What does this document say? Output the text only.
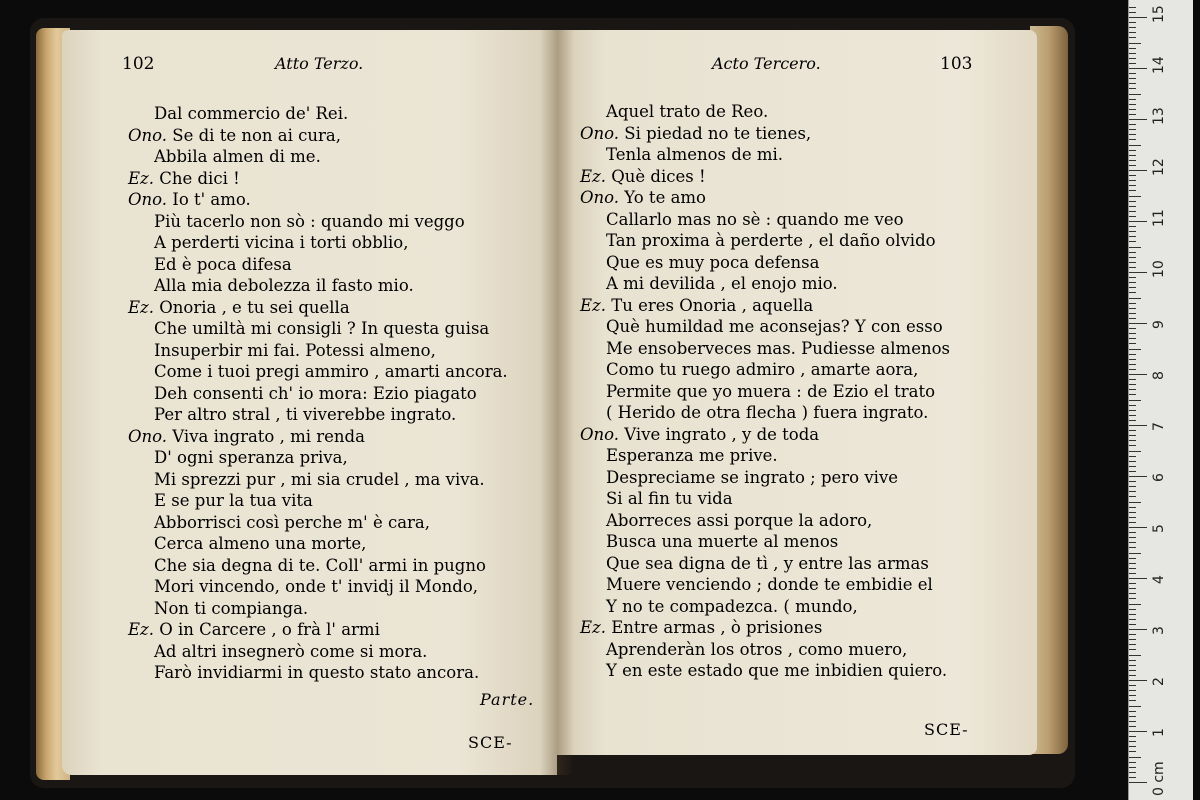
102	Atto Terzo.
Dal commercio de' Rei.
Ono. Se di te non ai cura,
Abbila almen di me.
Ez. Che dici !
Ono. Io t' amo.
Più tacerlo non sò : quando mi veggo
A perderti vicina i torti obblio,
Ed è poca difesa
Alla mia debolezza il fasto mio.
Ez. Onoria , e tu sei quella
Che umiltà mi consigli ? In questa guisa
Insuperbir mi fai. Potessi almeno,
Come i tuoi pregi ammiro , amarti ancora.
Deh consenti ch' io mora: Ezio piagato
Per altro stral , ti viverebbe ingrato.
Ono. Viva ingrato , mi renda
D' ogni speranza priva,
Mi sprezzi pur , mi sia crudel , ma viva.
E se pur la tua vita
Abborrisci così perche m' è cara,
Cerca almeno una morte,
Che sia degna di te. Coll' armi in pugno
Mori vincendo, onde t' invidj il Mondo,
Non ti compianga.
Ez. O in Carcere , o frà l' armi
Ad altri insegnerò come si mora.
Farò invidiarmi in questo stato ancora.
Parte.
SCE-
Acto Tercero.	103
Aquel trato de Reo.
Ono. Si piedad no te tienes,
Tenla almenos de mi.
Ez. Què dices !
Ono. Yo te amo
Callarlo mas no sè : quando me veo
Tan proxima à perderte , el daño olvido
Que es muy poca defensa
A mi devilida , el enojo mio.
Ez. Tu eres Onoria , aquella
Què humildad me aconsejas? Y con esso
Me ensoberveces mas. Pudiesse almenos
Como tu ruego admiro , amarte aora,
Permite que yo muera : de Ezio el trato
( Herido de otra flecha ) fuera ingrato.
Ono. Vive ingrato , y de toda
Esperanza me prive.
Despreciame se ingrato ; pero vive
Si al fin tu vida
Aborreces assi porque la adoro,
Busca una muerte al menos
Que sea digna de tì , y entre las armas
Muere venciendo ; donde te embidie el
Y no te compadezca. ( mundo,
Ez. Entre armas , ò prisiones
Aprenderàn los otros , como muero,
Y en este estado que me inbidien quiero.
SCE-
0 cm
1
2
3
4
5
6
7
8
9
10
11
12
13
14
15
